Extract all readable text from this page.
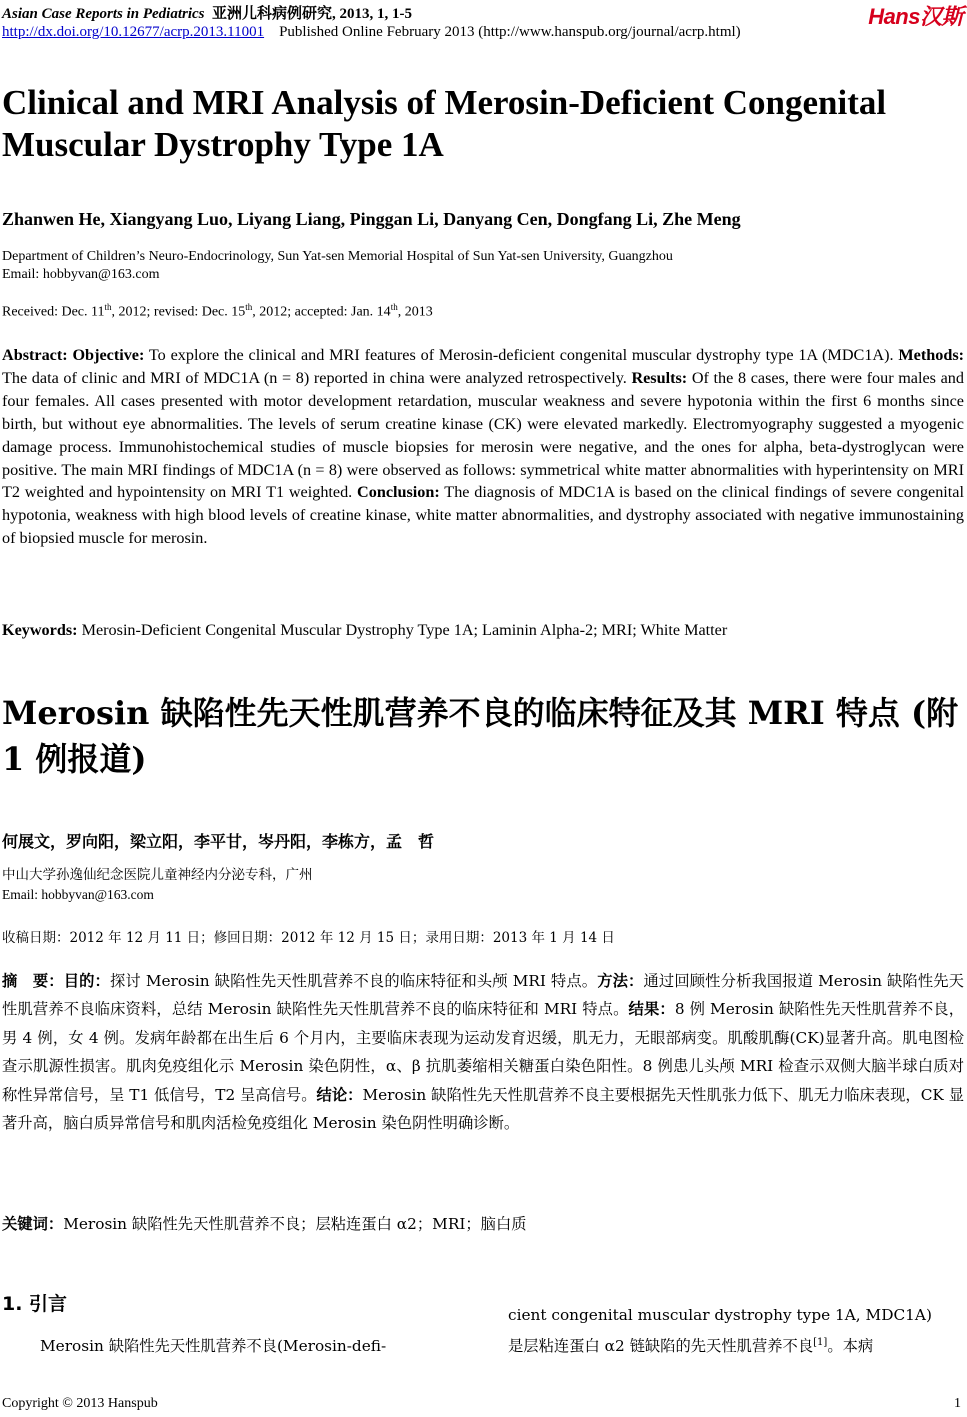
Asian Case Reports in Pediatrics 亚洲儿科病例研究, 2013, 1, 1-5
http://dx.doi.org/10.12677/acrp.2013.11001 Published Online February 2013 (http://www.hanspub.org/journal/acrp.html)
Hans汉斯
Clinical and MRI Analysis of Merosin-Deficient Congenital Muscular Dystrophy Type 1A
Zhanwen He, Xiangyang Luo, Liyang Liang, Pinggan Li, Danyang Cen, Dongfang Li, Zhe Meng
Department of Children’s Neuro-Endocrinology, Sun Yat-sen Memorial Hospital of Sun Yat-sen University, Guangzhou
Email: hobbyvan@163.com
Received: Dec. 11th, 2012; revised: Dec. 15th, 2012; accepted: Jan. 14th, 2013
Abstract: Objective: To explore the clinical and MRI features of Merosin-deficient congenital muscular dystrophy type 1A (MDC1A). Methods: The data of clinic and MRI of MDC1A (n = 8) reported in china were analyzed retrospectively. Results: Of the 8 cases, there were four males and four females. All cases presented with motor development retardation, muscular weakness and severe hypotonia within the first 6 months since birth, but without eye abnormalities. The levels of serum creatine kinase (CK) were elevated markedly. Electromyography suggested a myogenic damage process. Immunohistochemical studies of muscle biopsies for merosin were negative, and the ones for alpha, beta-dystroglycan were positive. The main MRI findings of MDC1A (n = 8) were observed as follows: symmetrical white matter abnormalities with hyperintensity on MRI T2 weighted and hypointensity on MRI T1 weighted. Conclusion: The diagnosis of MDC1A is based on the clinical findings of severe congenital hypotonia, weakness with high blood levels of creatine kinase, white matter abnormalities, and dystrophy associated with negative immunostaining of biopsied muscle for merosin.
Keywords: Merosin-Deficient Congenital Muscular Dystrophy Type 1A; Laminin Alpha-2; MRI; White Matter
Merosin 缺陷性先天性肌营养不良的临床特征及其 MRI 特点 (附 1 例报道)
何展文，罗向阳，梁立阳，李平甘，岑丹阳，李栋方，孟　哲
中山大学孙逸仙纪念医院儿童神经内分泌专科，广州
Email: hobbyvan@163.com
收稿日期：2012 年 12 月 11 日；修回日期：2012 年 12 月 15 日；录用日期：2013 年 1 月 14 日
摘　要：目的：探讨 Merosin 缺陷性先天性肌营养不良的临床特征和头颅 MRI 特点。方法：通过回顾性分析我国报道 Merosin 缺陷性先天性肌营养不良临床资料，总结 Merosin 缺陷性先天性肌营养不良的临床特征和 MRI 特点。结果：8 例 Merosin 缺陷性先天性肌营养不良，男 4 例，女 4 例。发病年龄都在出生后 6 个月内，主要临床表现为运动发育迟缓，肌无力，无眼部病变。肌酸肌酶(CK)显著升高。肌电图检查示肌源性损害。肌肉免疫组化示 Merosin 染色阴性，α、β 抗肌萎缩相关糖蛋白染色阳性。8 例患儿头颅 MRI 检查示双侧大脑半球白质对称性异常信号，呈 T1 低信号，T2 呈高信号。结论：Merosin 缺陷性先天性肌营养不良主要根据先天性肌张力低下、肌无力临床表现，CK 显著升高，脑白质异常信号和肌肉活检免疫组化 Merosin 染色阴性明确诊断。
关键词：Merosin 缺陷性先天性肌营养不良；层粘连蛋白 α2；MRI；脑白质
1. 引言
Merosin 缺陷性先天性肌营养不良(Merosin-defi-
cient congenital muscular dystrophy type 1A, MDC1A)
是层粘连蛋白 α2 链缺陷的先天性肌营养不良[1]。本病
Copyright © 2013 Hanspub	1
